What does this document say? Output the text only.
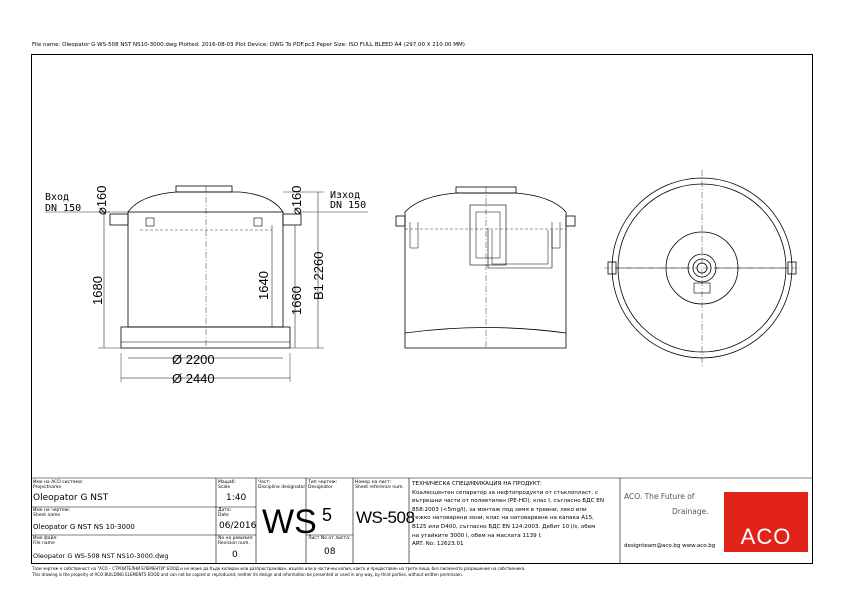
File name: Oleopator G WS-508 NST NS10-3000.dwg Plotted: 2016-08-03 Plot Device: DWG To PDF.pc3 Paper Size: ISO FULL BLEED A4 (297.00 X 210.00 MM)
Вход
DN 150
Изход
DN 150
⌀160	⌀160
1680	1640
1660
B1 2260
Ø 2200
Ø 2440
Име на ACO система:
Projectname
Oleopator G NST
Име на чертеж:
Sheet name
Oleopator G NST NS 10-3000
Име файл:
File name
Oleopator G WS-508 NST NS10-3000.dwg
Мащаб:
Scale
1:40
Дата:
Date
06/2016
No на ревизия:
Revision num.
0
Част:
Discipline designator
WS
Тип чертеж:
Designator
5
Лист No от листа:
08
Номер на лист:
Sheet reference num.
WS-508
ТЕХНИЧЕСКА СПЕЦИФИКАЦИЯ НА ПРОДУКТ:
Коалесцентен сепаратор за нефтопродукти от стъклопласт, с
вътрешни части от полиетилен (PE-HD), клас I, съгласно БДС EN
858:2003 (<5mg/l), за монтаж под земя в тревни, леко или
тежко натоварени зони, клас на натоварване на капака A15,
B125 или D400, съгласно БДС EN 124:2003. Дебит 10 l/s, обем
на утайките 3000 l, обем на маслата 1139 l;
ART. No: 12623.01
ACO. The Future of
Drainage.
designteam@aco.bg www.aco.bg	ACO
Тази чертеж е собственост на "ACO – СТРОИТЕЛНИ ЕЛЕМЕНТИ" ЕООД и не може да бъде копиран или разпространяван, изцяло или в частични копия, както и предоставян на трети лица, без писменото разрешение на собственика.
This drawing is the property of ACO BUILDING ELEMENTS EOOD and can not be copied or reproduced, neither its design and information be presented or used in any way, by third parties, without written permission.
